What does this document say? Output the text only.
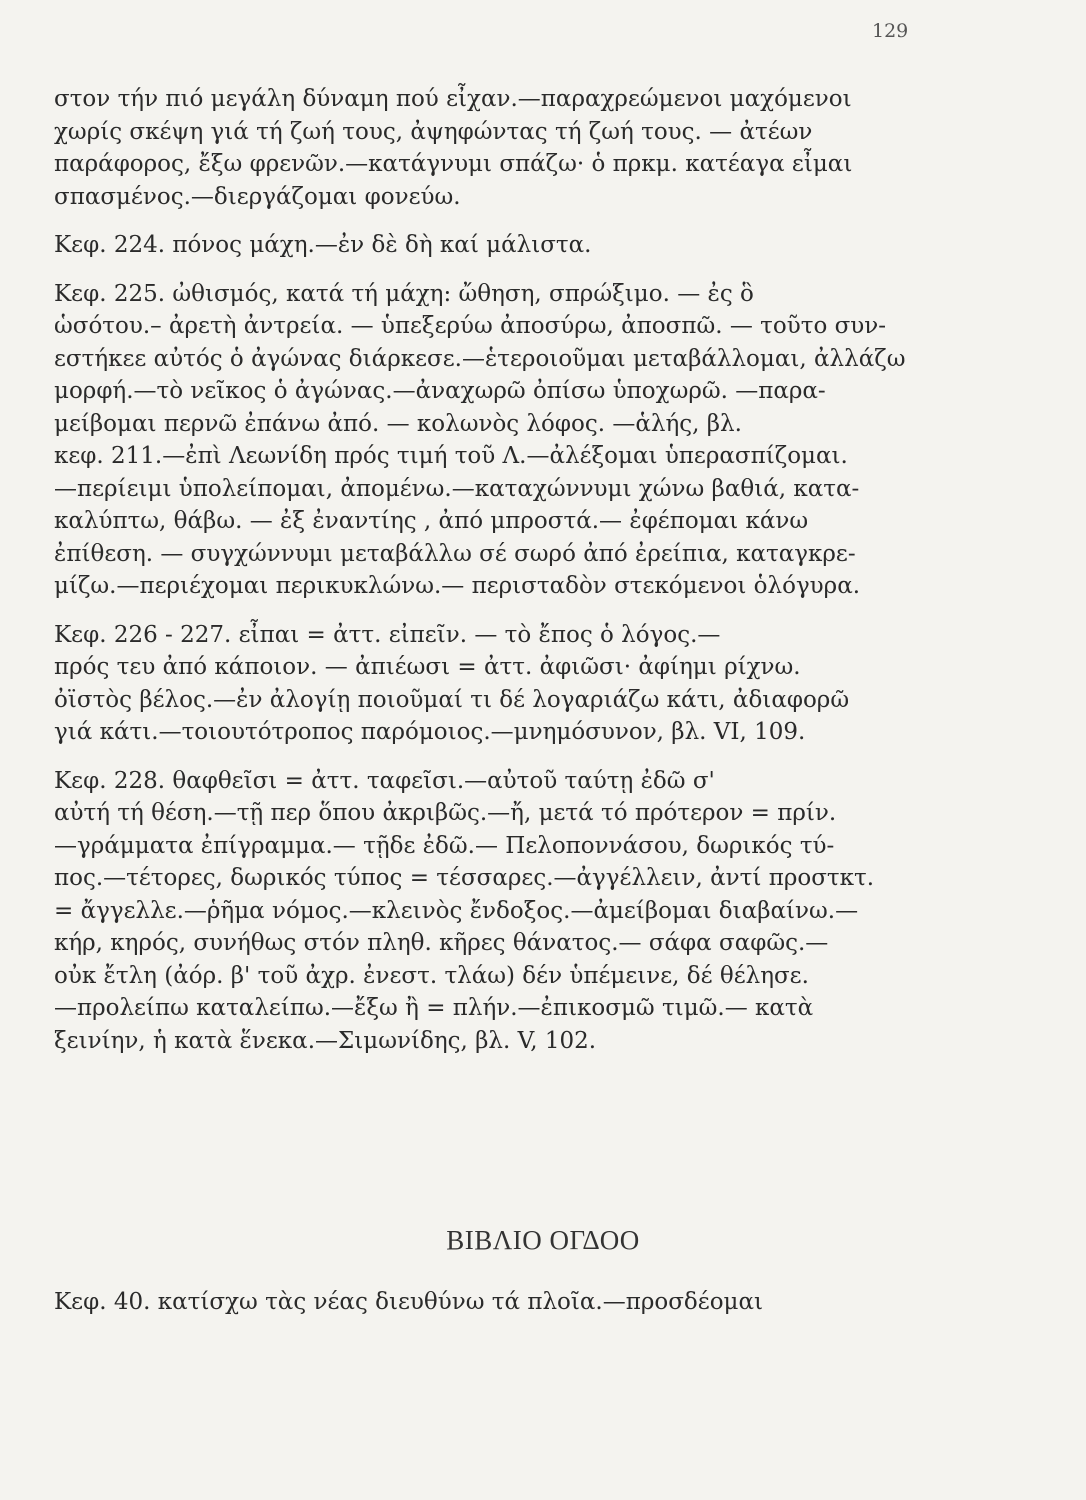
129
στον τήν πιό μεγάλη δύναμη πού εἶχαν.—παραχρεώμενοι μαχόμενοι
χωρίς σκέψη γιά τή ζωή τους, ἀψηφώντας τή ζωή τους. — ἀτέων
παράφορος, ἔξω φρενῶν.—κατάγνυμι σπάζω· ὁ πρκμ. κατέαγα εἶμαι
σπασμένος.—διεργάζομαι φονεύω.
Κεφ. 224. πόνος μάχη.—ἐν δὲ δὴ καί μάλιστα.
Κεφ. 225. ὠθισμός, κατά τή μάχη: ὤθηση, σπρώξιμο. — ἐς ὃ
ὡσότου.– ἀρετὴ ἀντρεία. — ὑπεξερύω ἀποσύρω, ἀποσπῶ. — τοῦτο συν-
εστήκεε αὐτός ὁ ἀγώνας διάρκεσε.—ἑτεροιοῦμαι μεταβάλλομαι, ἀλλάζω
μορφή.—τὸ νεῖκος ὁ ἀγώνας.—ἀναχωρῶ ὀπίσω ὑποχωρῶ. —παρα-
μείβομαι περνῶ ἐπάνω ἀπό. — κολωνὸς λόφος. —ἁλής, βλ.
κεφ. 211.—ἐπὶ Λεωνίδη πρός τιμή τοῦ Λ.—ἀλέξομαι ὑπερασπίζομαι.
—περίειμι ὑπολείπομαι, ἀπομένω.—καταχώννυμι χώνω βαθιά, κατα-
καλύπτω, θάβω. — ἐξ ἐναντίης , ἀπό μπροστά.— ἐφέπομαι κάνω
ἐπίθεση. — συγχώννυμι μεταβάλλω σέ σωρό ἀπό ἐρείπια, καταγκρε-
μίζω.—περιέχομαι περικυκλώνω.— περισταδὸν στεκόμενοι ὁλόγυρα.
Κεφ. 226 - 227. εἶπαι = ἀττ. εἰπεῖν. — τὸ ἔπος ὁ λόγος.—
πρός τευ ἀπό κάποιον. — ἀπιέωσι = ἀττ. ἀφιῶσι· ἀφίημι ρίχνω.
ὀϊστὸς βέλος.—ἐν ἀλογίῃ ποιοῦμαί τι δέ λογαριάζω κάτι, ἀδιαφορῶ
γιά κάτι.—τοιουτότροπος παρόμοιος.—μνημόσυνον, βλ. VI, 109.
Κεφ. 228. θαφθεῖσι = ἀττ. ταφεῖσι.—αὐτοῦ ταύτῃ ἐδῶ σ'
αὐτή τή θέση.—τῇ περ ὅπου ἀκριβῶς.—ἤ, μετά τό πρότερον = πρίν.
—γράμματα ἐπίγραμμα.— τῇδε ἐδῶ.— Πελοποννάσου, δωρικός τύ-
πος.—τέτορες, δωρικός τύπος = τέσσαρες.—ἀγγέλλειν, ἀντί προστκτ.
= ἄγγελλε.—ῥῆμα νόμος.—κλεινὸς ἔνδοξος.—ἀμείβομαι διαβαίνω.—
κήρ, κηρός, συνήθως στόν πληθ. κῆρες θάνατος.— σάφα σαφῶς.—
οὐκ ἔτλη (ἀόρ. β' τοῦ ἀχρ. ἐνεστ. τλάω) δέν ὑπέμεινε, δέ θέλησε.
—προλείπω καταλείπω.—ἔξω ἢ = πλήν.—ἐπικοσμῶ τιμῶ.— κατὰ
ξεινίην, ἡ κατὰ ἕνεκα.—Σιμωνίδης, βλ. V, 102.
ΒΙΒΛΙΟ ΟΓΔΟΟ
Κεφ. 40. κατίσχω τὰς νέας διευθύνω τά πλοῖα.—προσδέομαι
